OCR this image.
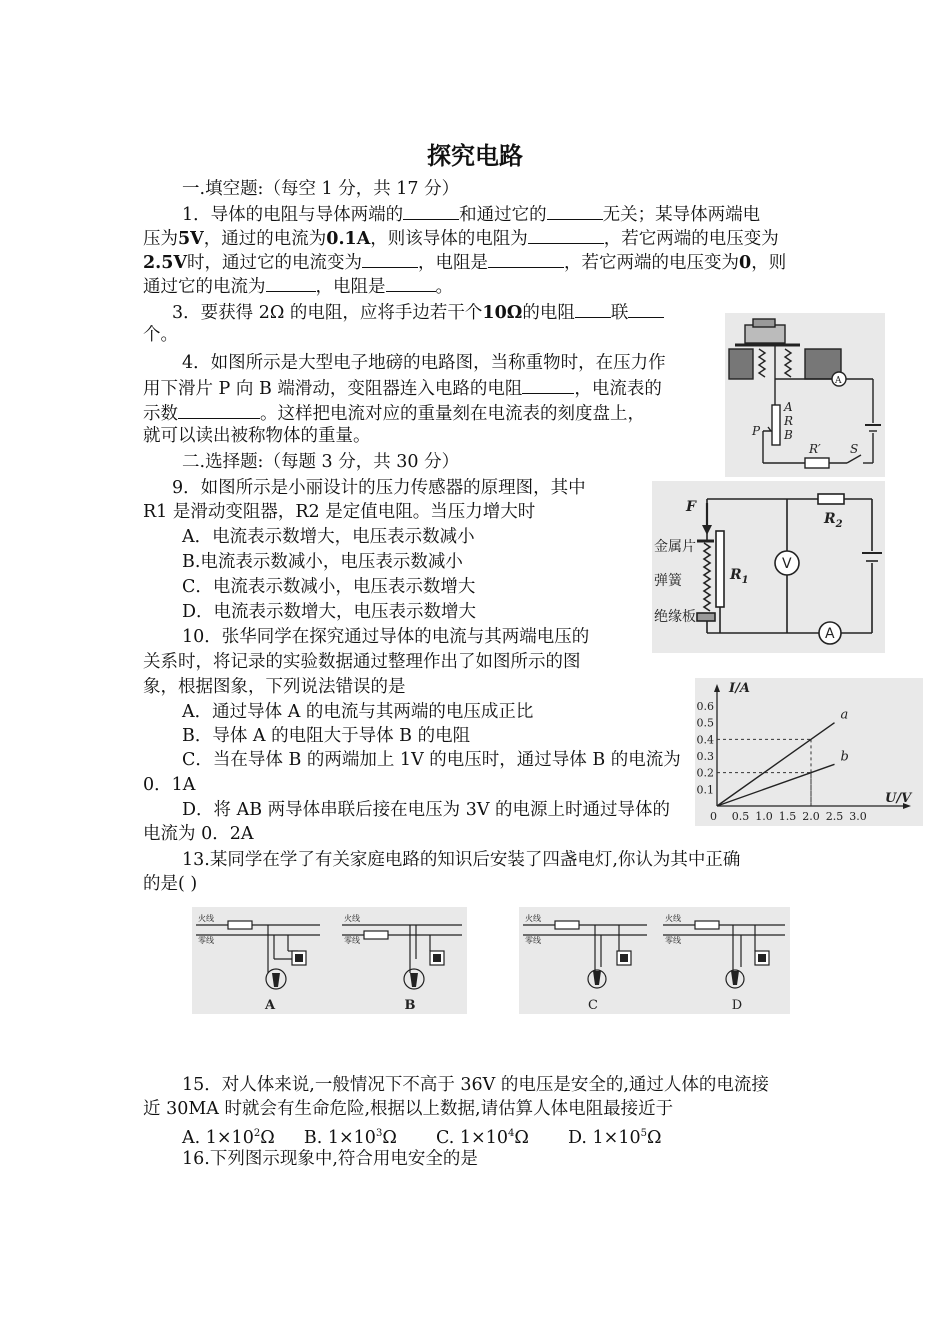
探究电路
一.填空题:（每空 1 分，共 17 分）
1．导体的电阻与导体两端的	和通过它的	无关；某导体两端电
压为5V，通过的电流为0.1A，则该导体的电阻为	，若它两端的电压变为
2.5V时，通过它的电流变为	，电阻是	，若它两端的电压变为0，则
通过它的电流为	，电阻是	。
3．要获得 2Ω 的电阻，应将手边若干个10Ω的电阻 联
个。
4．如图所示是大型电子地磅的电路图，当称重物时，在压力作
用下滑片 P 向 B 端滑动，变阻器连入电路的电阻	，电流表的
示数	。这样把电流对应的重量刻在电流表的刻度盘上，
就可以读出被称物体的重量。
二.选择题:（每题 3 分，共 30 分）
9．如图所示是小丽设计的压力传感器的原理图，其中
R1 是滑动变阻器，R2 是定值电阻。当压力增大时
A．电流表示数增大，电压表示数减小
B.电流表示数减小，电压表示数减小
C．电流表示数减小，电压表示数增大
D．电流表示数增大，电压表示数增大
10．张华同学在探究通过导体的电流与其两端电压的
关系时，将记录的实验数据通过整理作出了如图所示的图
象，根据图象，下列说法错误的是
A．通过导体 A 的电流与其两端的电压成正比
B．导体 A 的电阻大于导体 B 的电阻
C．当在导体 B 的两端加上 1V 的电压时，通过导体 B 的电流为
0．1A
D．将 AB 两导体串联后接在电压为 3V 的电源上时通过导体的
电流为 0．2A
13.某同学在学了有关家庭电路的知识后安装了四盏电灯,你认为其中正确
的是( )
15．对人体来说,一般情况下不高于 36V 的电压是安全的,通过人体的电流接
近 30MA 时就会有生命危险,根据以上数据,请估算人体电阻最接近于
A. $1\times 10^2\Omega$ B. $1\times 10^3\Omega$ C. $1\times 10^4\Omega$ D. $1\times 10^5\Omega$
16.下列图示现象中,符合用电安全的是
A
A
R
B
P
R′ S
F
金属片
弹簧
绝缘板
$R_1$
$R_2$
V
A
0.5 1.0 1.5 2.0 2.5 3.0
0.1
0.2
0.3
0.4
0.5
0.6
a
b
0
I/A
U/V
火线
零线
火线
零线
A	B
火线
零线
火线
零线
C	D
